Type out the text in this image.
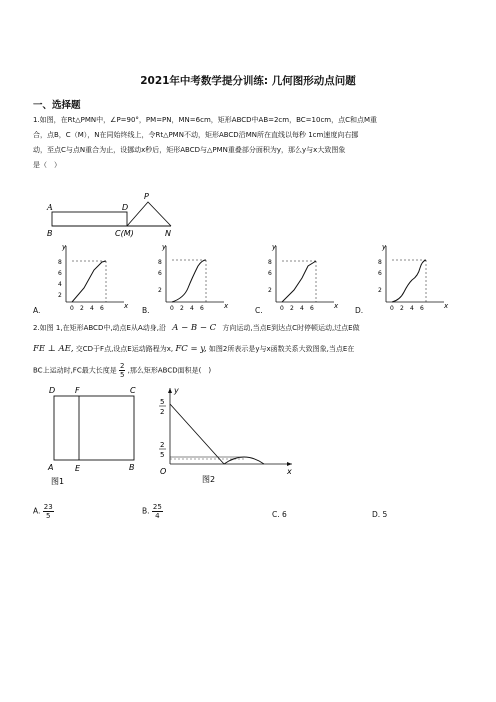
2021年中考数学提分训练: 几何图形动点问题
一、选择题
1.如图，在Rt△PMN中，∠P=90°，PM=PN，MN=6cm，矩形ABCD中AB=2cm，BC=10cm，点C和点M重
合，点B，C（M），N在同始终线上，令Rt△PMN不动，矩形ABCD沿MN所在直线以每秒 1cm速度向右挪
动，至点C与点N重合为止，设挪动x秒后，矩形ABCD与△PMN重叠部分面积为y，那么y与x大致图象
是（　）
A	D
B	C(M)	N
P
x
y
8
6
4
2
0 2 4 6
A.	x
y
8
6
2
0 2 4 6
B.	x
y
8
6
2
0 2 4 6
C.	x
y
8
6
2
0 2 4 6
D.
2.如图 1,在矩形ABCD中,动点E从A动身,沿 A − B − C 方向运动,当点E到达点C时停顿运动,过点E做
FE ⊥ AE, 交CD于F点,设点E运动路程为x, FC = y, 如图2所表示是y与x函数关系大致图象,当点E在
BC上运动时,FC最大长度是 $\frac{2}{5}$ ,那么矩形ABCD面积是(　)
D F	C
A	E	B
图1
y
x
O
5
2
2
5
图2
A. $\frac{23}{5}$	B. $\frac{25}{4}$	C. 6	D. 5
